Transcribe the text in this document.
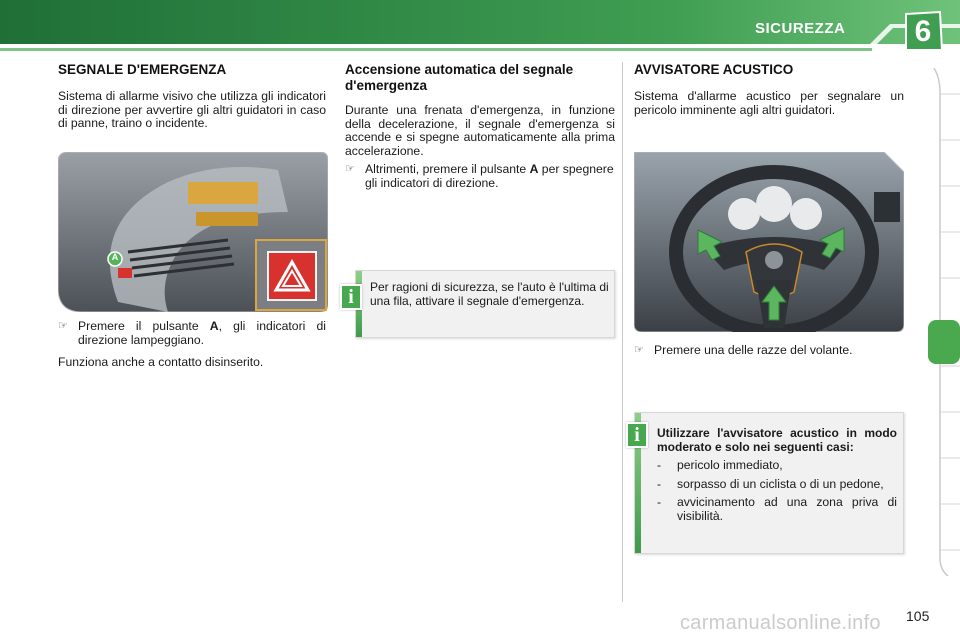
SICUREZZA 6
SEGNALE D'EMERGENZA

Sistema di allarme visivo che utilizza gli indicatori di direzione per avvertire gli altri guidatori in caso di panne, traino o incidente.

A
☞ Premere il pulsante A, gli indicatori di direzione lampeggiano.

Funziona anche a contatto disinserito.

Accensione automatica del segnale d'emergenza

Durante una frenata d'emergenza, in funzione della decelerazione, il segnale d'emergenza si accende e si spegne automaticamente alla prima accelerazione.

☞ Altrimenti, premere il pulsante A per spegnere gli indicatori di direzione.
Per ragioni di sicurezza, se l'auto è l'ultima di una fila, attivare il segnale d'emergenza.
i
AVVISATORE ACUSTICO

Sistema d'allarme acustico per segnalare un pericolo imminente agli altri guidatori.

☞ Premere una delle razze del volante.

Utilizzare l'avvisatore acustico in modo moderato e solo nei seguenti casi:

-	pericolo immediato,
-	sorpasso di un ciclista o di un pedone,
-	avvicinamento ad una zona priva di visibilità.
i
carmanualsonline.info 105
